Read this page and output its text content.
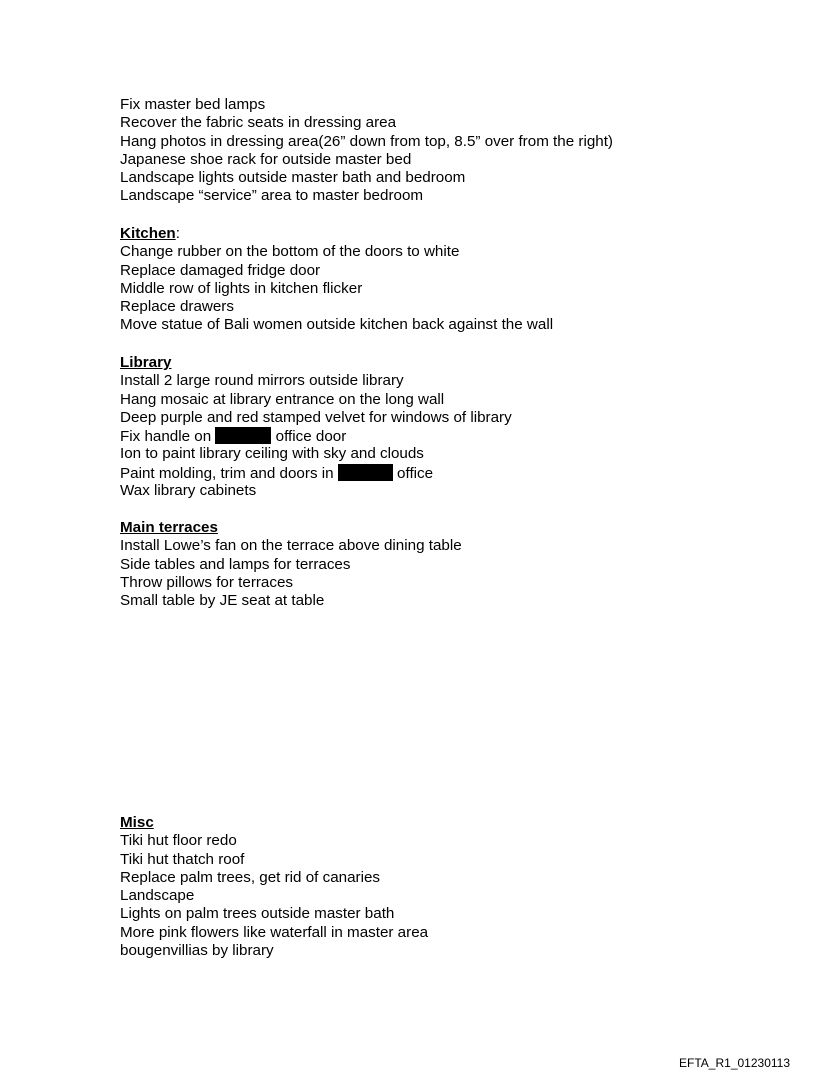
Fix master bed lamps
Recover the fabric seats in dressing area
Hang photos in dressing area(26” down from top, 8.5” over from the right)
Japanese shoe rack for outside master bed
Landscape lights outside master bath and bedroom
Landscape “service” area to master bedroom
Kitchen:
Change rubber on the bottom of the doors to white
Replace damaged fridge door
Middle row of lights in kitchen flicker
Replace drawers
Move statue of Bali women outside kitchen back against the wall
Library
Install 2 large round mirrors outside library
Hang mosaic at library entrance on the long wall
Deep purple and red stamped velvet for windows of library
Fix handle on	office door
Ion to paint library ceiling with sky and clouds
Paint molding, trim and doors in	office
Wax library cabinets
Main terraces
Install Lowe’s fan on the terrace above dining table
Side tables and lamps for terraces
Throw pillows for terraces
Small table by JE seat at table
Misc
Tiki hut floor redo
Tiki hut thatch roof
Replace palm trees, get rid of canaries
Landscape
Lights on palm trees outside master bath
More pink flowers like waterfall in master area
bougenvillias by library
EFTA_R1_01230113
